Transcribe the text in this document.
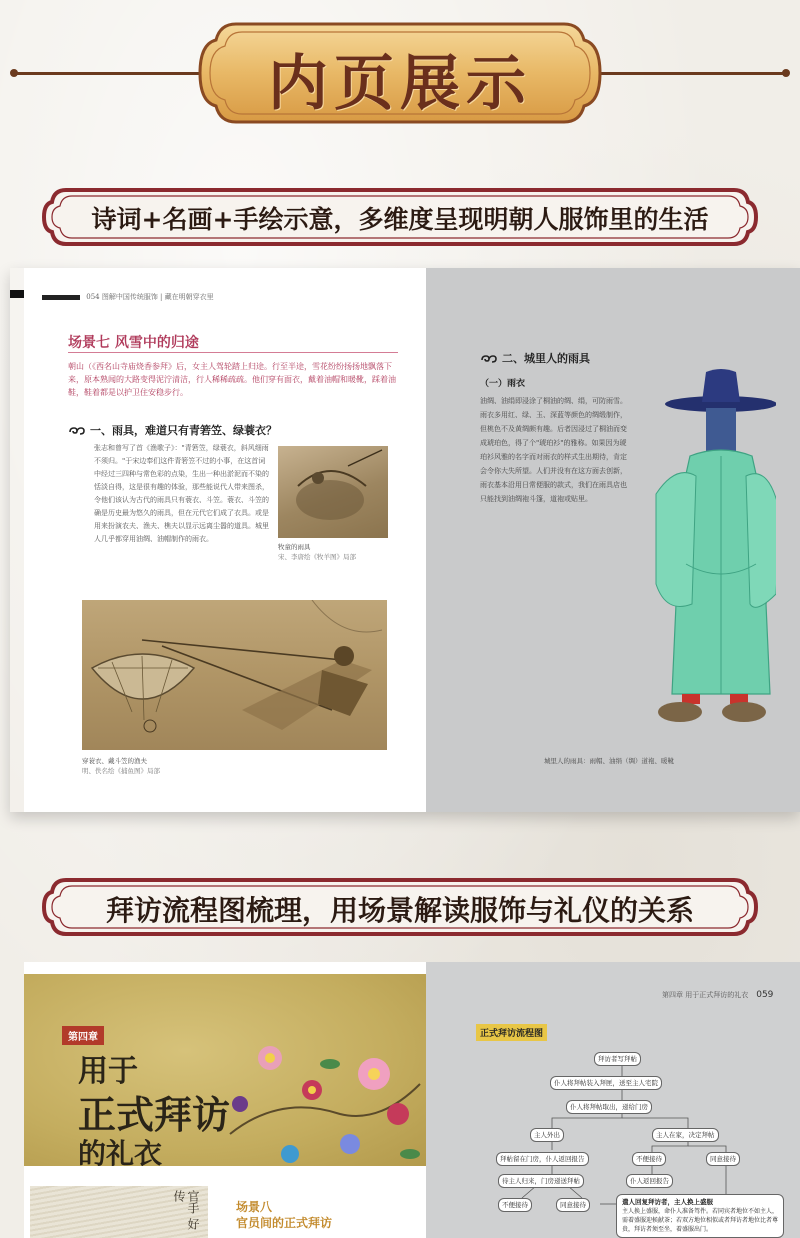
内页展示
诗词+名画+手绘示意，多维度呈现明朝人服饰里的生活
054 图解中国传统服饰 | 藏在明朝穿衣里
场景七 风雪中的归途
朝山（《西名山寺庙烧香参拜》后，女主人驾轮踏上归途。行至半途，雪花纷纷扬扬地飘落下来，原本熟闻的大路变得泥泞清洁，行人稀稀疏疏。他们穿有面衣，戴着油帽和暖靴，踩着油鞋，鞋着都是以护卫住安稳步行。
一、雨具，难道只有青箬笠、绿蓑衣？
张志和曾写了首《渔歌子》："青箬笠，绿蓑衣，斜风细雨不须归。"于宋边奉们这件青箬笠不过的小事，在这首词中经过三四种与常色彩的点染，生出一种出淤泥而不染的恬淡自得，这是很有趣的体验，那些能说代人带来图杀，令他们该认为古代的雨具只有蓑衣、斗笠。蓑衣、斗笠的确是历史最为悠久的雨具，但在元代它们成了衣具。或是用来扮演农夫、渔夫、樵夫以显示远离尘嚣的道具。城里人几乎都穿用油绸、油帽制作的雨衣。
牧童的雨具
宋、李唐绘《牧羊图》局部
穿蓑衣、戴斗笠的渔夫
明、佚名绘《捕鱼图》局部
二、城里人的雨具
（一）雨衣
油绸、油绢即浸涂了桐油的绸、绢，可防雨雪。雨衣多用红、绿、玉、深蓝等颜色的绸缎制作，但桃色不及黄绸颇有趣。后者因浸过了桐油而变成琥珀色，得了个"琥珀衫"的雅称。如果因为琥珀衫风雅的名字而对雨衣的样式生出期待，肯定会令你大失所望。人们并没有在这方面去创新，雨衣基本沿用日常便服的款式，我们在雨具店也只能找到油绸袍斗篷，道袍或贴里。
城里人的雨具：雨帽、油绢（绸）道袍、暖靴
拜访流程图梳理，用场景解读服饰与礼仪的关系
第四章
用于
正式拜访
的礼衣
官手 好传
场景八
官员间的正式拜访
第四章 用于正式拜访的礼衣 059
正式拜访流程图
拜访者写拜帖
仆人将拜帖装入拜匣，送至主人宅院
仆人将拜帖取出，递给门房
主人外出	主人在家，决定拜帖
拜帖留在门房，仆人返回报告	不便接待	同意接待
待主人归来，门房递送拜帖	仆人返回报告
不便接待	同意接待	遣人回复拜访者，主人换上盛服
主人换上盛服，命仆人准备驾件。若同宾者地位不如主人，需着盛服迎候献茶；若双方地位相似或者拜访者地位比者尊贵，拜访者须至坐，着盛服出门。
